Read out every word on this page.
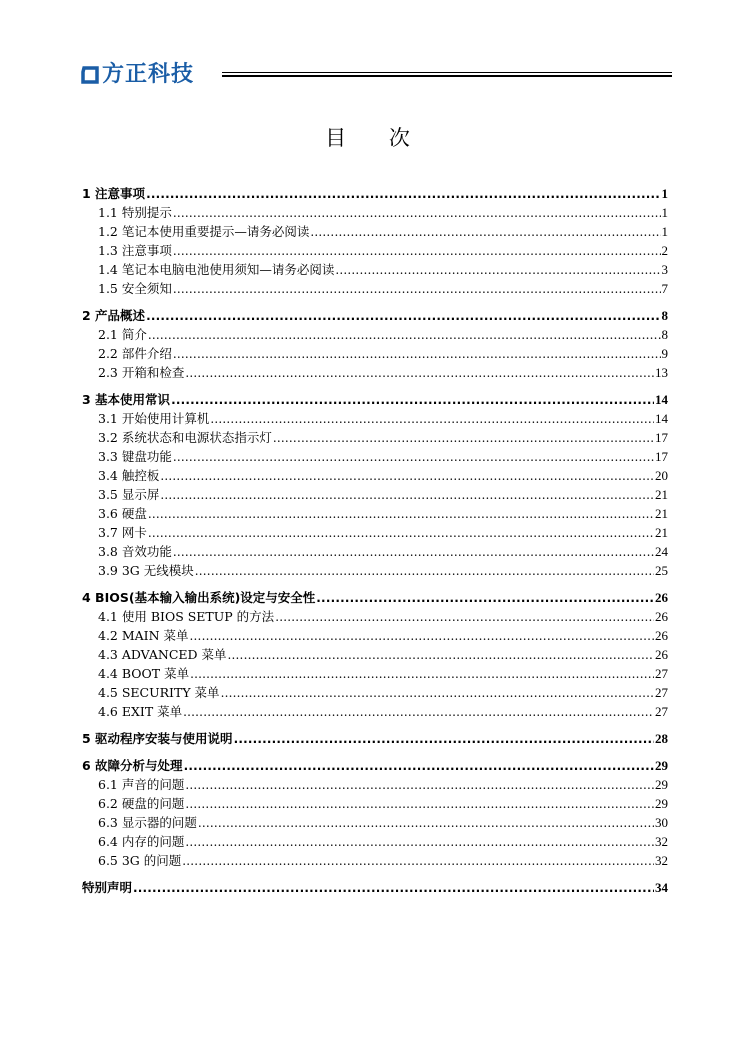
方正科技
目 次
1 注意事项 .....	1
1.1 特别提示 .....	1
1.2 笔记本使用重要提示—请务必阅读 .....	1
1.3 注意事项 .....	2
1.4 笔记本电脑电池使用须知—请务必阅读 .....	3
1.5 安全须知 .....	7
2 产品概述 .....	8
2.1 简介 .....	8
2.2 部件介绍 .....	9
2.3 开箱和检查 .....	13
3 基本使用常识 .....	14
3.1 开始使用计算机 .....	14
3.2 系统状态和电源状态指示灯 .....	17
3.3 键盘功能 .....	17
3.4 触控板 .....	20
3.5 显示屏 .....	21
3.6 硬盘 .....	21
3.7 网卡 .....	21
3.8 音效功能 .....	24
3.9 3G 无线模块 .....	25
4 BIOS(基本输入输出系统)设定与安全性 .....	26
4.1 使用 BIOS SETUP 的方法 .....	26
4.2 MAIN 菜单 .....	26
4.3 ADVANCED 菜单 .....	26
4.4 BOOT 菜单 .....	27
4.5 SECURITY 菜单 .....	27
4.6 EXIT 菜单 .....	27
5 驱动程序安装与使用说明 .....	28
6 故障分析与处理 .....	29
6.1 声音的问题 .....	29
6.2 硬盘的问题 .....	29
6.3 显示器的问题 .....	30
6.4 内存的问题 .....	32
6.5 3G 的问题 .....	32
特别声明 .....	34
